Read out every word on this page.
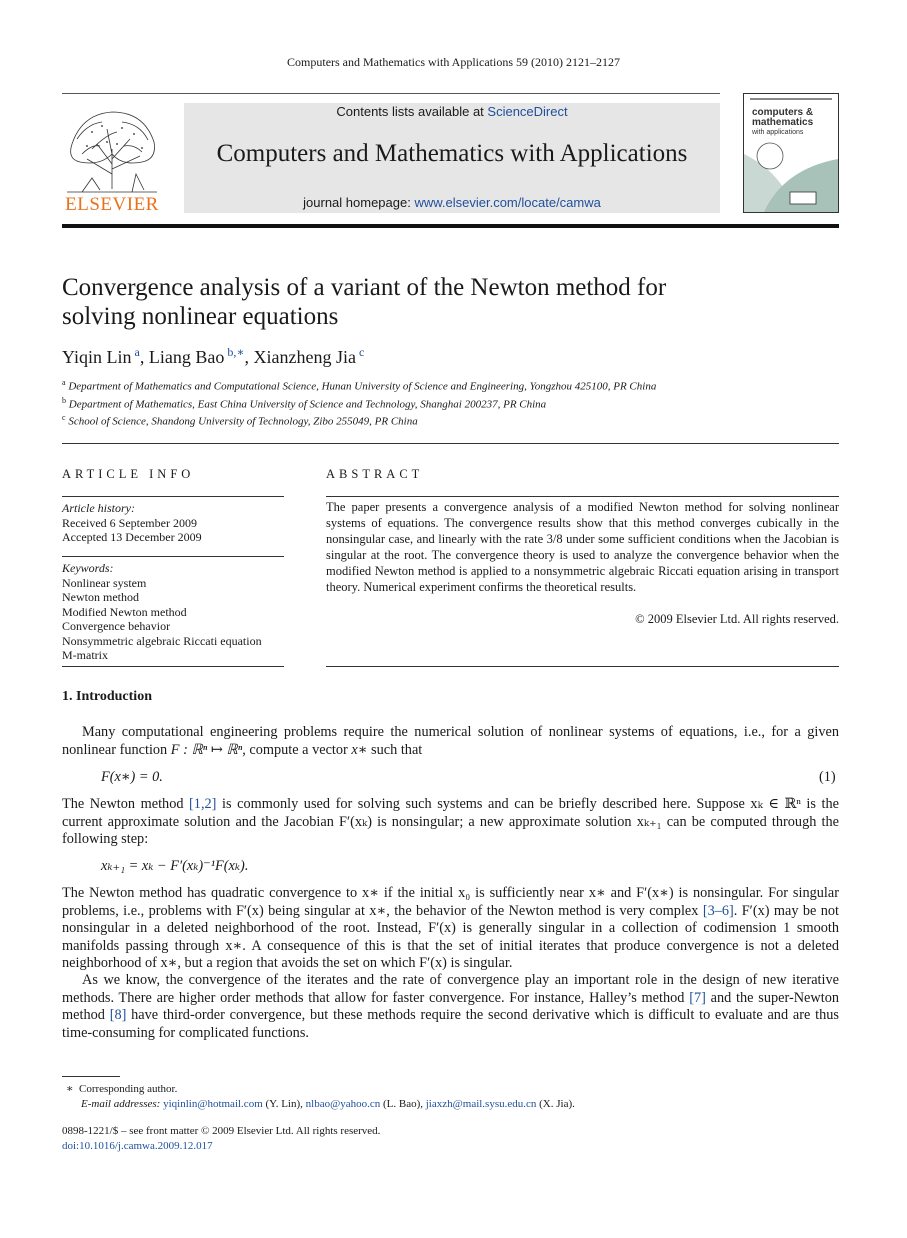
Computers and Mathematics with Applications 59 (2010) 2121–2127
ELSEVIER
Contents lists available at ScienceDirect
Computers and Mathematics with Applications
journal homepage: www.elsevier.com/locate/camwa
computers &
mathematics
with applications
Convergence analysis of a variant of the Newton method for
solving nonlinear equations
Yiqin Lin $^a$, Liang Bao $^{b,∗}$, Xianzheng Jia $^c$
$^a$ Department of Mathematics and Computational Science, Hunan University of Science and Engineering, Yongzhou 425100, PR China
$^b$ Department of Mathematics, East China University of Science and Technology, Shanghai 200237, PR China
$^c$ School of Science, Shandong University of Technology, Zibo 255049, PR China
ARTICLE INFO
Article history:
Received 6 September 2009
Accepted 13 December 2009
Keywords:
Nonlinear system
Newton method
Modified Newton method
Convergence behavior
Nonsymmetric algebraic Riccati equation
M-matrix
ABSTRACT
The paper presents a convergence analysis of a modified Newton method for solving nonlinear systems of equations. The convergence results show that this method converges cubically in the nonsingular case, and linearly with the rate 3/8 under some sufficient conditions when the Jacobian is singular at the root. The convergence theory is used to analyze the convergence behavior when the modified Newton method is applied to a nonsymmetric algebraic Riccati equation arising in transport theory. Numerical experiment confirms the theoretical results.
© 2009 Elsevier Ltd. All rights reserved.
1. Introduction
Many computational engineering problems require the numerical solution of nonlinear systems of equations, i.e., for a given nonlinear function F : ℝⁿ ↦ ℝⁿ, compute a vector x∗ such that
F(x∗) = 0.	(1)
The Newton method [1,2] is commonly used for solving such systems and can be briefly described here. Suppose xₖ ∈ ℝⁿ is the current approximate solution and the Jacobian F′(xₖ) is nonsingular; a new approximate solution xₖ₊₁ can be computed through the following step:
xₖ₊₁ = xₖ − F′(xₖ)⁻¹F(xₖ).
The Newton method has quadratic convergence to x∗ if the initial x₀ is sufficiently near x∗ and F′(x∗) is nonsingular. For singular problems, i.e., problems with F′(x) being singular at x∗, the behavior of the Newton method is very complex [3–6]. F′(x) may be not nonsingular in a deleted neighborhood of the root. Instead, F′(x) is generally singular in a collection of codimension 1 smooth manifolds passing through x∗. A consequence of this is that the set of initial iterates that produce convergence is not a deleted neighborhood of x∗, but a region that avoids the set on which F′(x) is singular.
As we know, the convergence of the iterates and the rate of convergence play an important role in the design of new iterative methods. There are higher order methods that allow for faster convergence. For instance, Halley’s method [7] and the super-Newton method [8] have third-order convergence, but these methods require the second derivative which is difficult to evaluate and are thus time-consuming for complicated functions.
∗ Corresponding author.
E-mail addresses: yiqinlin@hotmail.com (Y. Lin), nlbao@yahoo.cn (L. Bao), jiaxzh@mail.sysu.edu.cn (X. Jia).
0898-1221/$ – see front matter © 2009 Elsevier Ltd. All rights reserved.
doi:10.1016/j.camwa.2009.12.017
